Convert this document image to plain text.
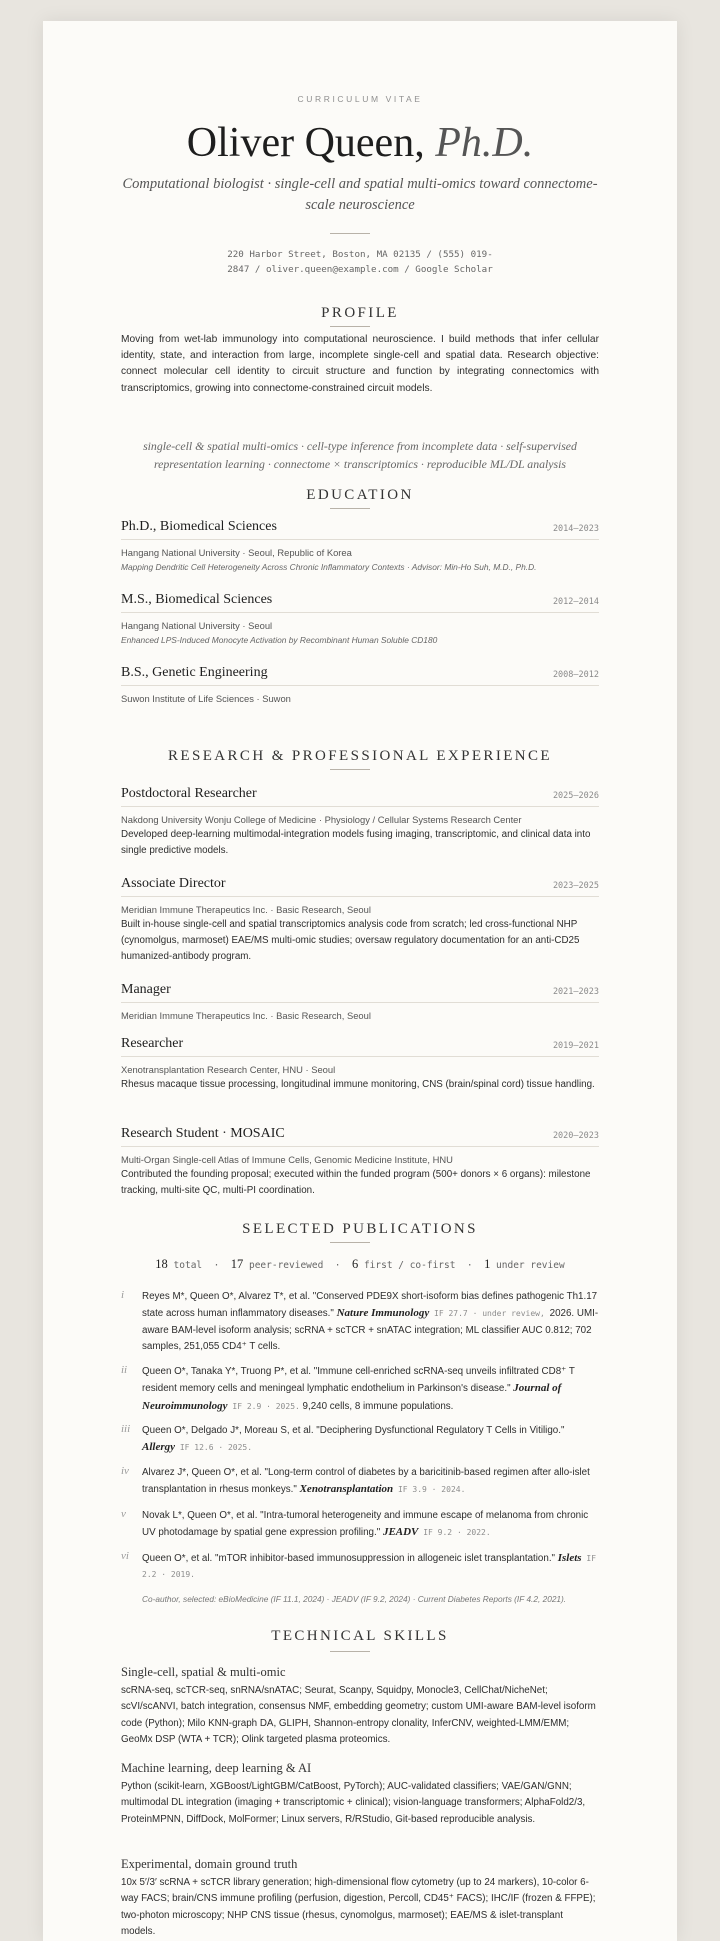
CURRICULUM VITAE
Oliver Queen, Ph.D.
Computational biologist · single-cell and spatial multi-omics toward connectome-scale neuroscience
220 Harbor Street, Boston, MA 02135 / (555) 019-
2847 / oliver.queen@example.com / Google Scholar
PROFILE
Moving from wet-lab immunology into computational neuroscience. I build methods that infer cellular identity, state, and interaction from large, incomplete single-cell and spatial data. Research objective: connect molecular cell identity to circuit structure and function by integrating connectomics with transcriptomics, growing into connectome-constrained circuit models.
single-cell & spatial multi-omics · cell-type inference from incomplete data · self-supervised representation learning · connectome × transcriptomics · reproducible ML/DL analysis
EDUCATION
Ph.D., Biomedical Sciences	2014–2023
Hangang National University · Seoul, Republic of Korea
Mapping Dendritic Cell Heterogeneity Across Chronic Inflammatory Contexts · Advisor: Min-Ho Suh, M.D., Ph.D.
M.S., Biomedical Sciences	2012–2014
Hangang National University · Seoul
Enhanced LPS-Induced Monocyte Activation by Recombinant Human Soluble CD180
B.S., Genetic Engineering	2008–2012
Suwon Institute of Life Sciences · Suwon
RESEARCH & PROFESSIONAL EXPERIENCE
Postdoctoral Researcher	2025–2026
Nakdong University Wonju College of Medicine · Physiology / Cellular Systems Research Center
Developed deep-learning multimodal-integration models fusing imaging, transcriptomic, and clinical data into single predictive models.
Associate Director	2023–2025
Meridian Immune Therapeutics Inc. · Basic Research, Seoul
Built in-house single-cell and spatial transcriptomics analysis code from scratch; led cross-functional NHP (cynomolgus, marmoset) EAE/MS multi-omic studies; oversaw regulatory documentation for an anti-CD25 humanized-antibody program.
Manager	2021–2023
Meridian Immune Therapeutics Inc. · Basic Research, Seoul
Researcher	2019–2021
Xenotransplantation Research Center, HNU · Seoul
Rhesus macaque tissue processing, longitudinal immune monitoring, CNS (brain/spinal cord) tissue handling.
Research Student · MOSAIC	2020–2023
Multi-Organ Single-cell Atlas of Immune Cells, Genomic Medicine Institute, HNU
Contributed the founding proposal; executed within the funded program (500+ donors × 6 organs): milestone tracking, multi-site QC, multi-PI coordination.
SELECTED PUBLICATIONS
18 total  ·  17 peer-reviewed  ·  6 first / co-first  ·  1 under review
i Reyes M*, Queen O*, Alvarez T*, et al. "Conserved PDE9X short-isoform bias defines pathogenic Th1.17 state across human inflammatory diseases." Nature Immunology IF 27.7 · under review, 2026. UMI-aware BAM-level isoform analysis; scRNA + scTCR + snATAC integration; ML classifier AUC 0.812; 702 samples, 251,055 CD4⁺ T cells.
ii Queen O*, Tanaka Y*, Truong P*, et al. "Immune cell-enriched scRNA-seq unveils infiltrated CD8⁺ T resident memory cells and meningeal lymphatic endothelium in Parkinson's disease." Journal of Neuroimmunology IF 2.9 · 2025. 9,240 cells, 8 immune populations.
iii Queen O*, Delgado J*, Moreau S, et al. "Deciphering Dysfunctional Regulatory T Cells in Vitiligo." Allergy IF 12.6 · 2025.
iv Alvarez J*, Queen O*, et al. "Long-term control of diabetes by a baricitinib-based regimen after allo-islet transplantation in rhesus monkeys." Xenotransplantation IF 3.9 · 2024.
v Novak L*, Queen O*, et al. "Intra-tumoral heterogeneity and immune escape of melanoma from chronic UV photodamage by spatial gene expression profiling." JEADV IF 9.2 · 2022.
vi Queen O*, et al. "mTOR inhibitor-based immunosuppression in allogeneic islet transplantation." Islets IF 2.2 · 2019.
Co-author, selected: eBioMedicine (IF 11.1, 2024) · JEADV (IF 9.2, 2024) · Current Diabetes Reports (IF 4.2, 2021).
TECHNICAL SKILLS
Single-cell, spatial & multi-omic
scRNA-seq, scTCR-seq, snRNA/snATAC; Seurat, Scanpy, Squidpy, Monocle3, CellChat/NicheNet; scVI/scANVI, batch integration, consensus NMF, embedding geometry; custom UMI-aware BAM-level isoform code (Python); Milo KNN-graph DA, GLIPH, Shannon-entropy clonality, InferCNV, weighted-LMM/EMM; GeoMx DSP (WTA + TCR); Olink targeted plasma proteomics.
Machine learning, deep learning & AI
Python (scikit-learn, XGBoost/LightGBM/CatBoost, PyTorch); AUC-validated classifiers; VAE/GAN/GNN; multimodal DL integration (imaging + transcriptomic + clinical); vision-language transformers; AlphaFold2/3, ProteinMPNN, DiffDock, MolFormer; Linux servers, R/RStudio, Git-based reproducible analysis.
Experimental, domain ground truth
10x 5′/3′ scRNA + scTCR library generation; high-dimensional flow cytometry (up to 24 markers), 10-color 6-way FACS; brain/CNS immune profiling (perfusion, digestion, Percoll, CD45⁺ FACS); IHC/IF (frozen & FFPE); two-photon microscopy; NHP CNS tissue (rhesus, cynomolgus, marmoset); EAE/MS & islet-transplant models.
